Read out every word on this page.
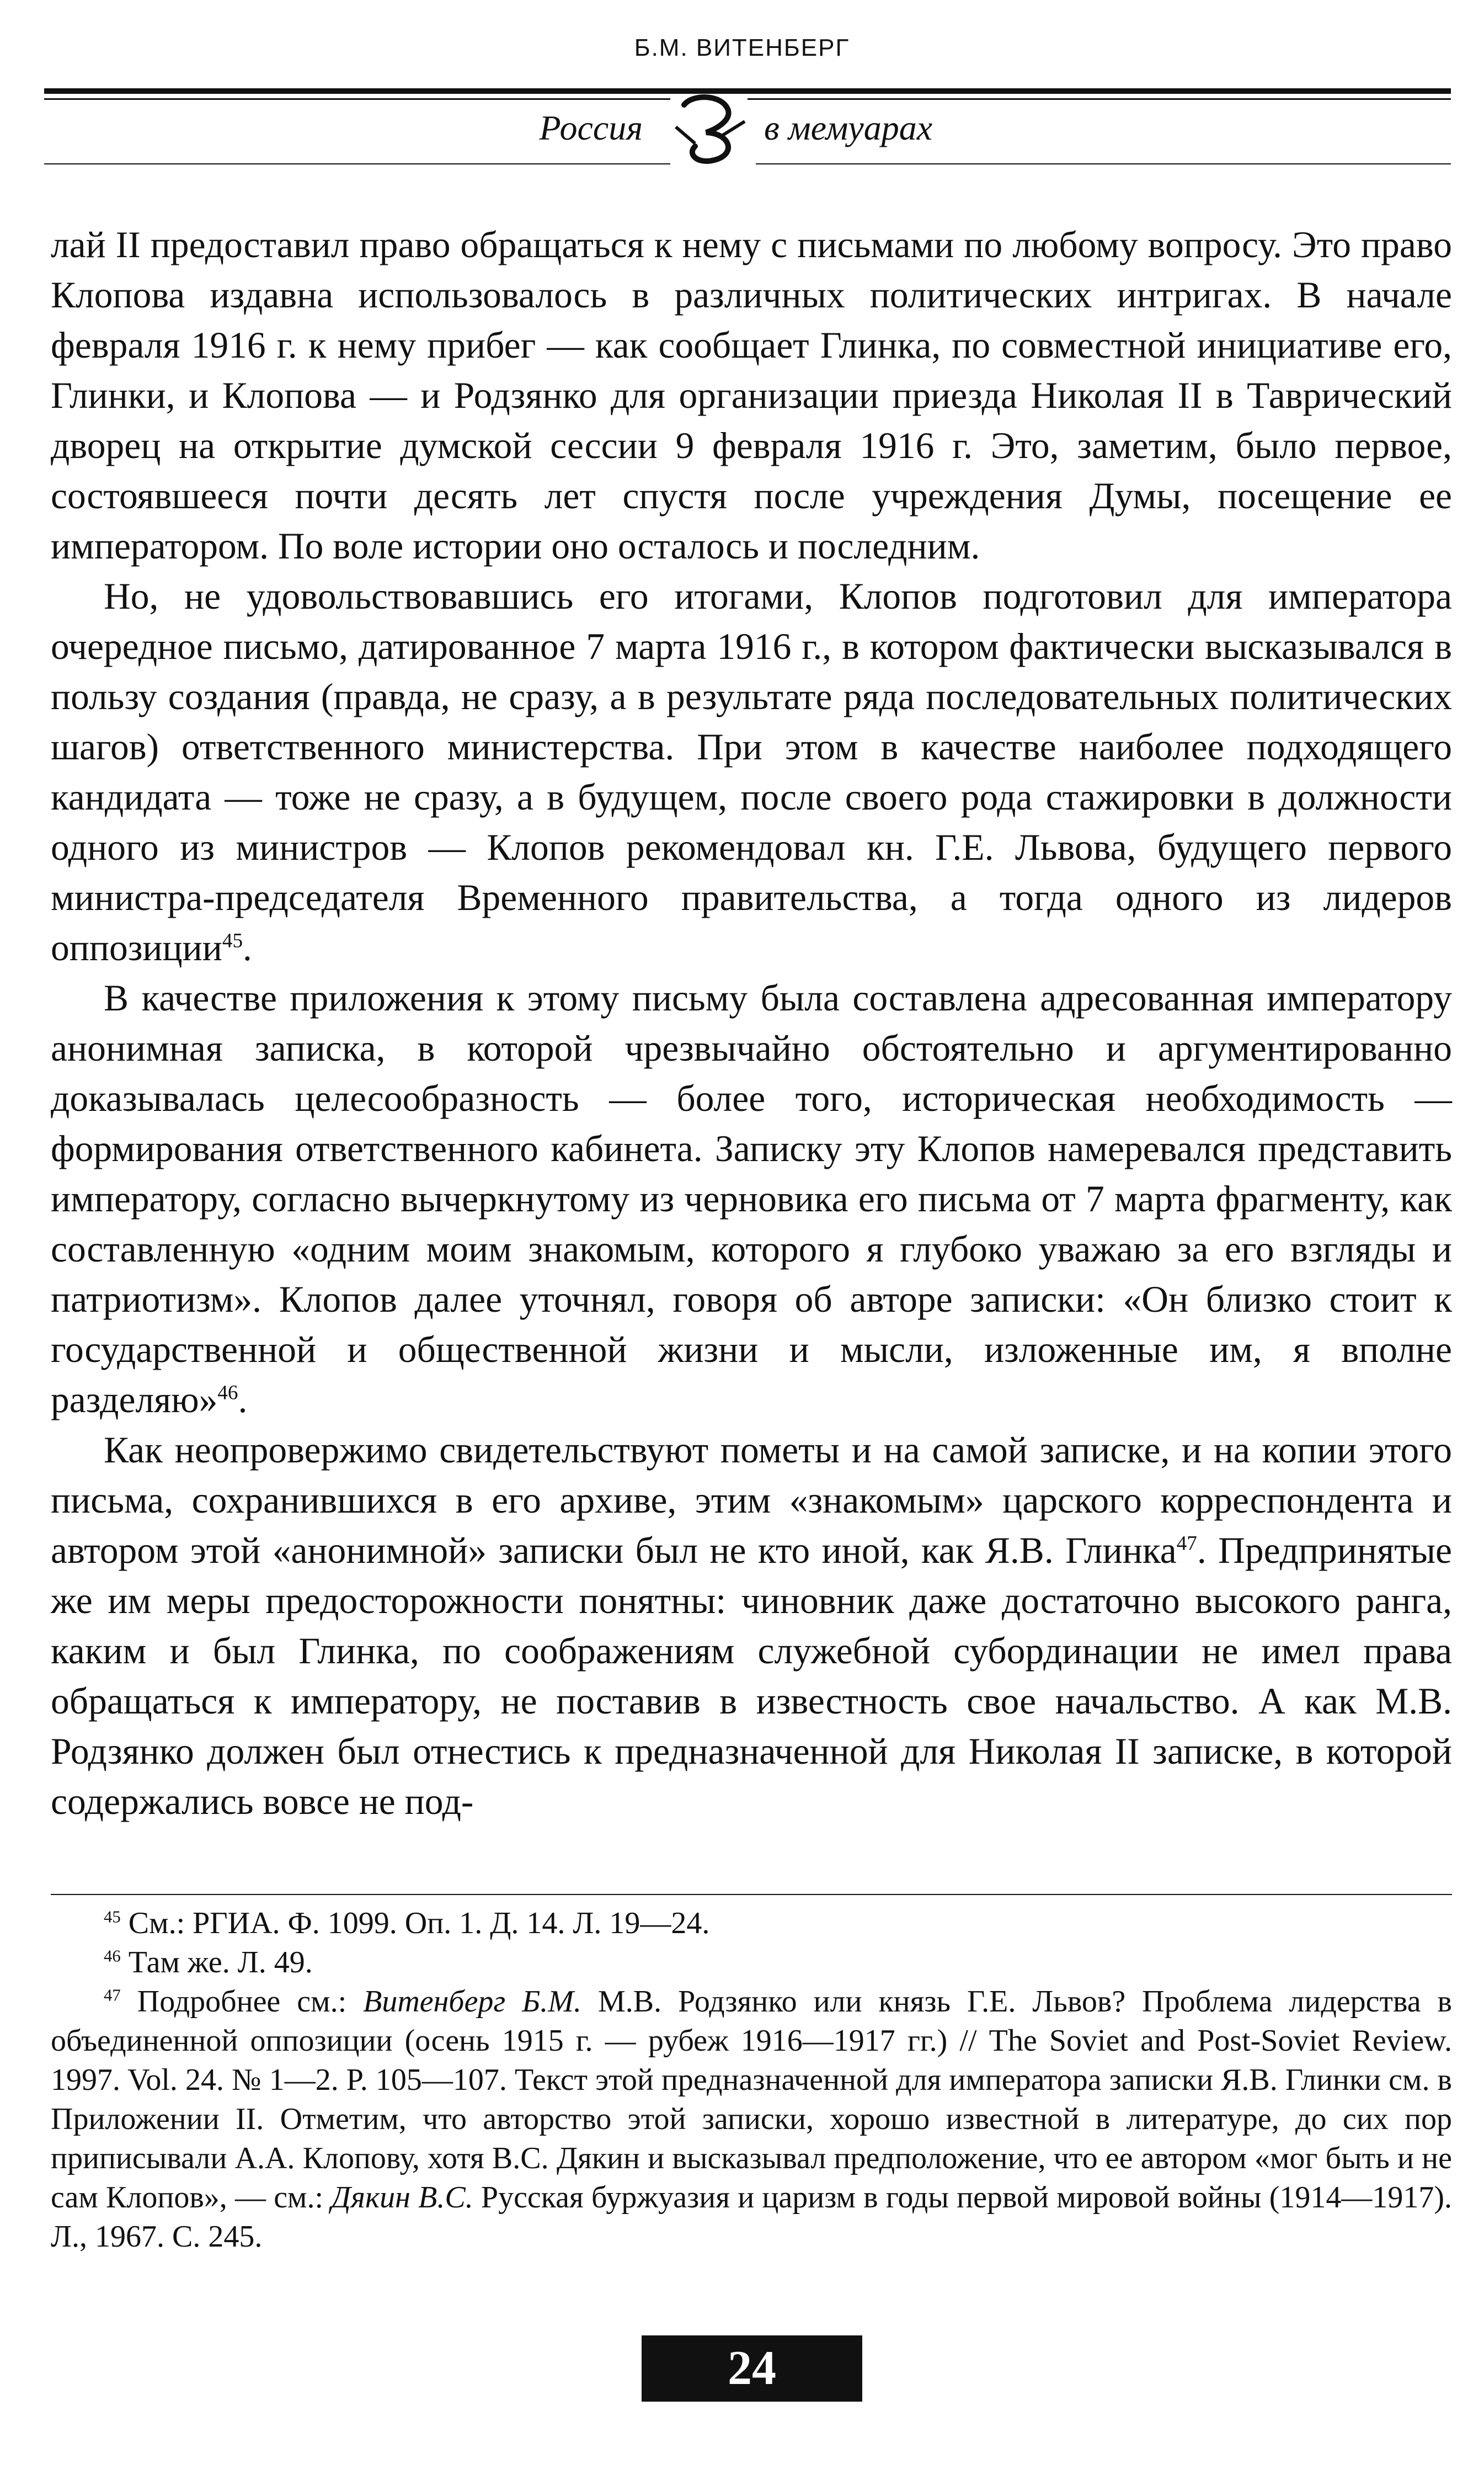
Б.М. ВИТЕНБЕРГ
Россия	в мемуарах

лай II предоставил право обращаться к нему с письмами по любому вопросу. Это право Клопова издавна использовалось в различных политических интригах. В начале февраля 1916 г. к нему прибег — как сообщает Глинка, по совместной инициативе его, Глинки, и Клопова — и Родзянко для организации приезда Николая II в Таврический дворец на открытие думской сессии 9 февраля 1916 г. Это, заметим, было первое, состоявшееся почти десять лет спустя после учреждения Думы, посещение ее императором. По воле истории оно осталось и последним.

Но, не удовольствовавшись его итогами, Клопов подготовил для императора очередное письмо, датированное 7 марта 1916 г., в котором фактически высказывался в пользу создания (правда, не сразу, а в результате ряда последовательных политических шагов) ответственного министерства. При этом в качестве наиболее подходящего кандидата — тоже не сразу, а в будущем, после своего рода стажировки в должности одного из министров — Клопов рекомендовал кн. Г.Е. Львова, будущего первого министра-председателя Временного правительства, а тогда одного из лидеров оппозиции$^{45}$.

В качестве приложения к этому письму была составлена адресованная императору анонимная записка, в которой чрезвычайно обстоятельно и аргументированно доказывалась целесообразность — более того, историческая необходимость — формирования ответственного кабинета. Записку эту Клопов намеревался представить императору, согласно вычеркнутому из черновика его письма от 7 марта фрагменту, как составленную «одним моим знакомым, которого я глубоко уважаю за его взгляды и патриотизм». Клопов далее уточнял, говоря об авторе записки: «Он близко стоит к государственной и общественной жизни и мысли, изложенные им, я вполне разделяю»$^{46}$.

Как неопровержимо свидетельствуют пометы и на самой записке, и на копии этого письма, сохранившихся в его архиве, этим «знакомым» царского корреспондента и автором этой «анонимной» записки был не кто иной, как Я.В. Глинка$^{47}$. Предпринятые же им меры предосторожности понятны: чиновник даже достаточно высокого ранга, каким и был Глинка, по соображениям служебной субординации не имел права обращаться к императору, не поставив в известность свое начальство. А как М.В. Родзянко должен был отнестись к предназначенной для Николая II записке, в которой содержались вовсе не под-

$^{45}$ См.: РГИА. Ф. 1099. Оп. 1. Д. 14. Л. 19—24.

$^{46}$ Там же. Л. 49.

$^{47}$ Подробнее см.: Витенберг Б.М. М.В. Родзянко или князь Г.Е. Львов? Проблема лидерства в объединенной оппозиции (осень 1915 г. — рубеж 1916—1917 гг.) // The Soviet and Post-Soviet Review. 1997. Vol. 24. № 1—2. P. 105—107. Текст этой предназначенной для императора записки Я.В. Глинки см. в Приложении II. Отметим, что авторство этой записки, хорошо известной в литературе, до сих пор приписывали А.А. Клопову, хотя В.С. Дякин и высказывал предположение, что ее автором «мог быть и не сам Клопов», — см.: Дякин В.С. Русская буржуазия и царизм в годы первой мировой войны (1914—1917). Л., 1967. С. 245.

24
